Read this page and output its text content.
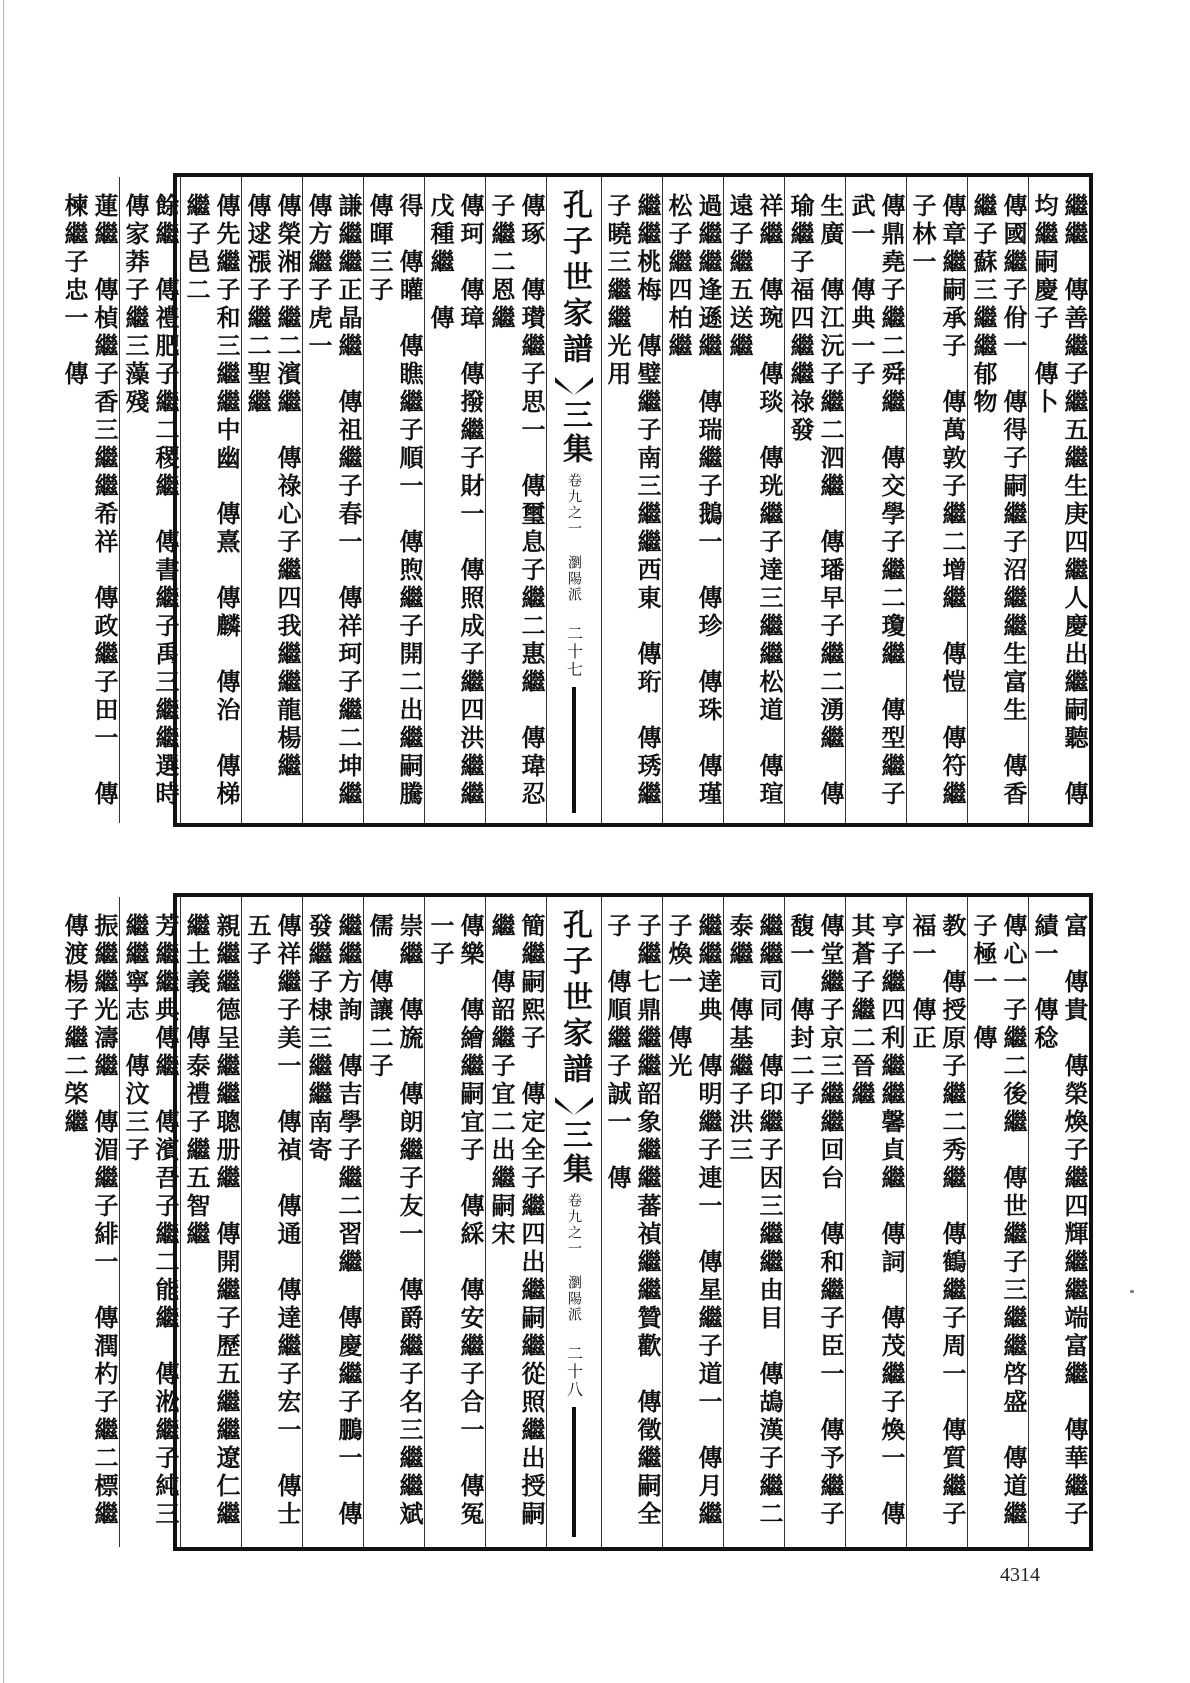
繼繼　傳善繼子繼五繼生庚四繼人慶出繼嗣聽　傳均繼嗣慶子　傳卜
傳國繼子佾一　傳得子嗣繼子沼繼繼生富生　傳香繼子蘇三繼繼郁物
傳章繼嗣承子　傳萬敦子繼二增繼　傳愷　傳符繼子林一
傳鼎堯子繼二舜繼　傳交學子繼二瓊繼　傳型繼子武一　傳典一子
生廣　傳江沅子繼二泗繼　傳璠早子繼二湧繼　傳瑜繼子福四繼繼祿發
祥繼　傳琬　傳琰　傳珖繼子達三繼繼松道　傳瑄遠子繼五送繼
過繼繼逢遜繼　傳瑞繼子鵝一　傳珍　傳珠　傳瑾松子繼四柏繼
繼繼桃梅　傳璧繼子南三繼繼西東　傳珩　傳琇繼子曉三繼繼光用
孔子世家譜
三集
卷九之一
瀏陽派
二十七
傳琢　傳瓉繼子思一　傳璽息子繼二惠繼　傳瑋忍子繼二恩繼
傳珂　傳璋　傳撥繼子財一　傳照成子繼四洪繼繼戊種繼　傳
得　傳矔　傳瞧繼子順一　傳煦繼子開二出繼嗣騰　傳暉三子
謙繼繼正晶繼　傳祖繼子春一　傳祥珂子繼二坤繼　傳方繼子虎一
傳榮湘子繼二濱繼　傳祿心子繼四我繼繼龍楊繼　傳逑漲子繼二聖繼
傳先繼子和三繼繼中幽　傳熹　傳麟　傳治　傳梯繼子邑二
餘繼　傳禮肥子繼二稷繼　傳書繼子禹三繼繼選時　傳家莽子繼三藻殘
蓮繼　傳楨繼子香三繼繼希祥　傳政繼子田一　傳楝繼子忠一　傳
富　傳貴　傳榮煥子繼四輝繼繼端富繼　傳華繼子績一　傳稔
傳心一子繼二後繼　傳世繼子三繼繼啓盛　傳道繼子極一　傳
教　傳授原子繼二秀繼　傳鶴繼子周一　傳質繼子福一　傳正
亨子繼四利繼繼馨貞繼　傳詞　傳茂繼子煥一　傳其蒼子繼二晉繼
傳堂繼子京三繼繼回台　傳和繼子臣一　傳予繼子馥一　傳封二子
繼繼司同　傳印繼子因三繼繼由目　傳鴣漢子繼二泰繼　傳基繼子洪三
繼繼達典　傳明繼子連一　傳星繼子道一　傳月繼子煥一　傳光
子繼七鼎繼繼韶象繼繼蕃禎繼繼贊歡　傳徵繼嗣全子　傳順繼子誠一　傳
孔子世家譜
三集
卷九之一
瀏陽派
二十八
簡繼嗣熙子　傳定全子繼四出繼嗣繼從照繼出授嗣繼　傳韶繼子宜二出繼嗣宋
傳樂　傳繪繼嗣宜子　傳綵　傳安繼子合一　傳冤一子
崇繼　傳旒　傳朗繼子友一　傳爵繼子名三繼繼斌儒　傳讓二子
繼繼方詢　傳吉學子繼二習繼　傳慶繼子鵬一　傳發繼子棣三繼繼南寄
傳祥繼子美一　傳禎　傳通　傳達繼子宏一　傳士五子
親繼繼德呈繼繼聰册繼　傳開繼子歷五繼繼遼仁繼繼土義　傳泰禮子繼五智繼
芳繼繼典傳繼　傳濱吾子繼二能繼　傳淞繼子純三繼繼寧志　傳汶三子
振繼繼光濤繼　傳湄繼子緋一　傳潤杓子繼二標繼　傳渡楊子繼二棨繼
4314
